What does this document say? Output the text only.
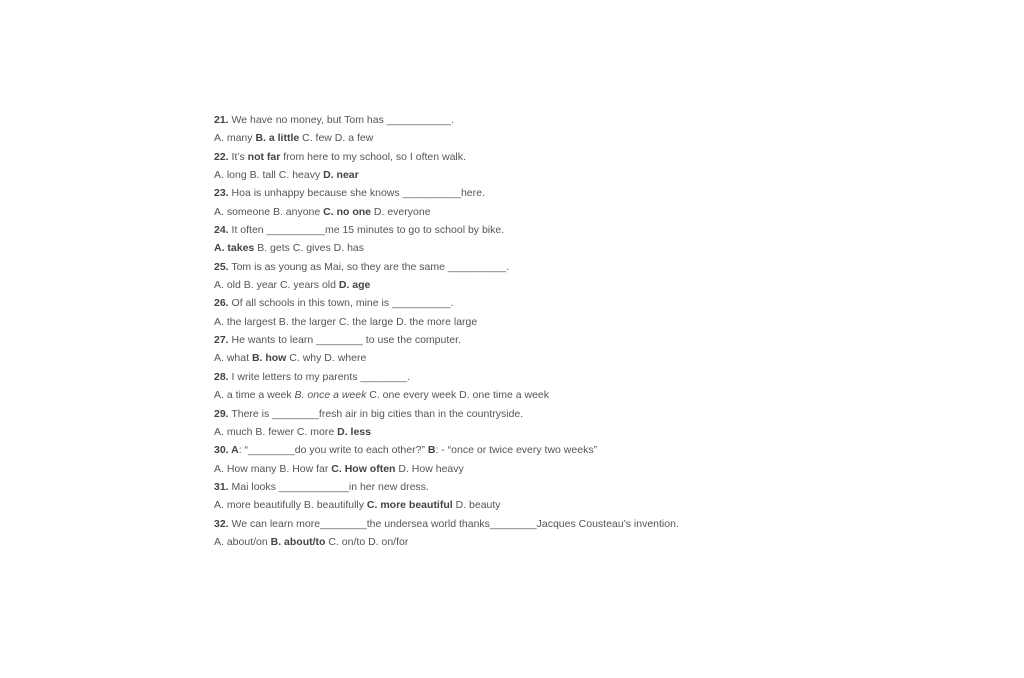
21. We have no money, but Tom has ___________.
A. many B. a little C. few D. a few
22. It’s not far from here to my school, so I often walk.
A. long B. tall C. heavy D. near
23. Hoa is unhappy because she knows __________here.
A. someone B. anyone C. no one D. everyone
24. It often __________me 15 minutes to go to school by bike.
A. takes B. gets C. gives D. has
25. Tom is as young as Mai, so they are the same __________.
A. old B. year C. years old D. age
26. Of all schools in this town, mine is __________.
A. the largest B. the larger C. the large D. the more large
27. He wants to learn ________ to use the computer.
A. what B. how C. why D. where
28. I write letters to my parents ________.
A. a time a week B. once a week C. one every week D. one time a week
29. There is ________fresh air in big cities than in the countryside.
A. much B. fewer C. more D. less
30. A: “________do you write to each other?” B: - “once or twice every two weeks”
A. How many B. How far C. How often D. How heavy
31. Mai looks ____________in her new dress.
A. more beautifully B. beautifully C. more beautiful D. beauty
32. We can learn more________the undersea world thanks________Jacques Cousteau’s invention.
A. about/on B. about/to C. on/to D. on/for
